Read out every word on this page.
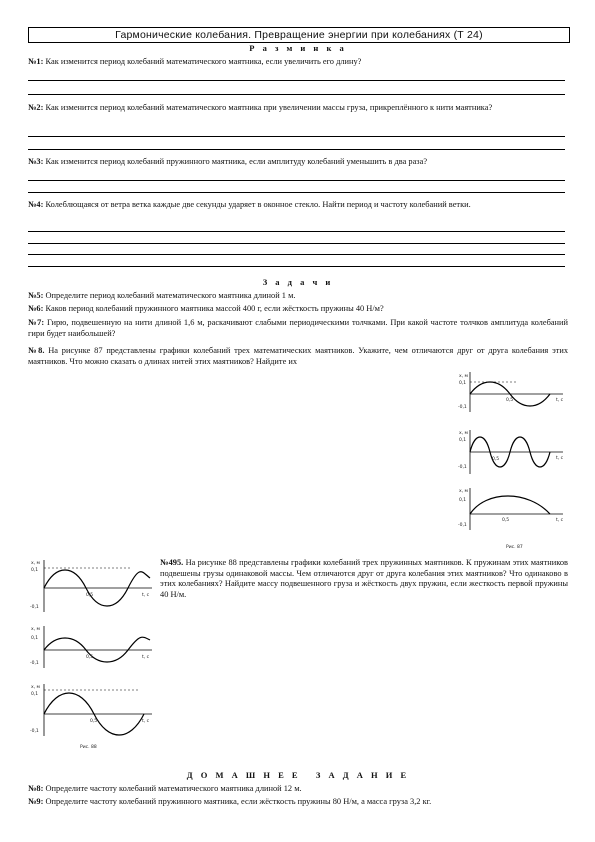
Гармонические колебания. Превращение энергии при колебаниях (Т 24)
Р а з м и н к а
№1: Как изменится период колебаний математического маятника, если увеличить его длину?
№2: Как изменится период колебаний математического маятника при увеличении массы груза, прикреплённого к нити маятника?
№3: Как изменится период колебаний пружинного маятника, если амплитуду колебаний уменьшить в два раза?
№4: Колеблющаяся от ветра ветка каждые две секунды ударяет в оконное стекло. Найти период и частоту колебаний ветки.
З а д а ч и
№5: Определите период колебаний математического маятника длиной 1 м.
№6: Каков период колебаний пружинного маятника массой 400 г, если жёсткость пружины 40 Н/м?
№7: Гирю, подвешенную на нити длиной 1,6 м, раскачивают слабыми периодическими толчками. При какой частоте толчков амплитуда колебаний гири будет наибольшей?
№8. На рисунке 87 представлены графики колебаний трех математических маятников. Укажите, чем отличаются друг от друга колебания этих маятников. Что можно сказать о длинах нитей этих маятников? Найдите их
x, м
0,1
-0,1
0,5	t, c
x, м
0,1
-0,1
0,5	t, c
x, м
0,1
-0,1
0,5	t, c
Рис. 87
x, м
0,1
-0,1
0,5	t, c
x, м
0,1
-0,1
0,5	t, c
x, м
0,1
-0,1
0,5	t, c
Рис. 88
№495. На рисунке 88 представлены графики колебаний трех пружинных маятников. К пружинам этих маятников подвешены грузы одинаковой массы. Чем отличаются друг от друга колебания этих маятников? Что одинаково в этих колебаниях? Найдите массу подвешенного груза и жёсткость двух пружин, если жесткость первой пружины 40 Н/м.
Д О М А Ш Н Е Е   З А Д А Н И Е
№8: Определите частоту колебаний математического маятника длиной 12 м.
№9: Определите частоту колебаний пружинного маятника, если жёсткость пружины 80 Н/м, а масса груза 3,2 кг.
